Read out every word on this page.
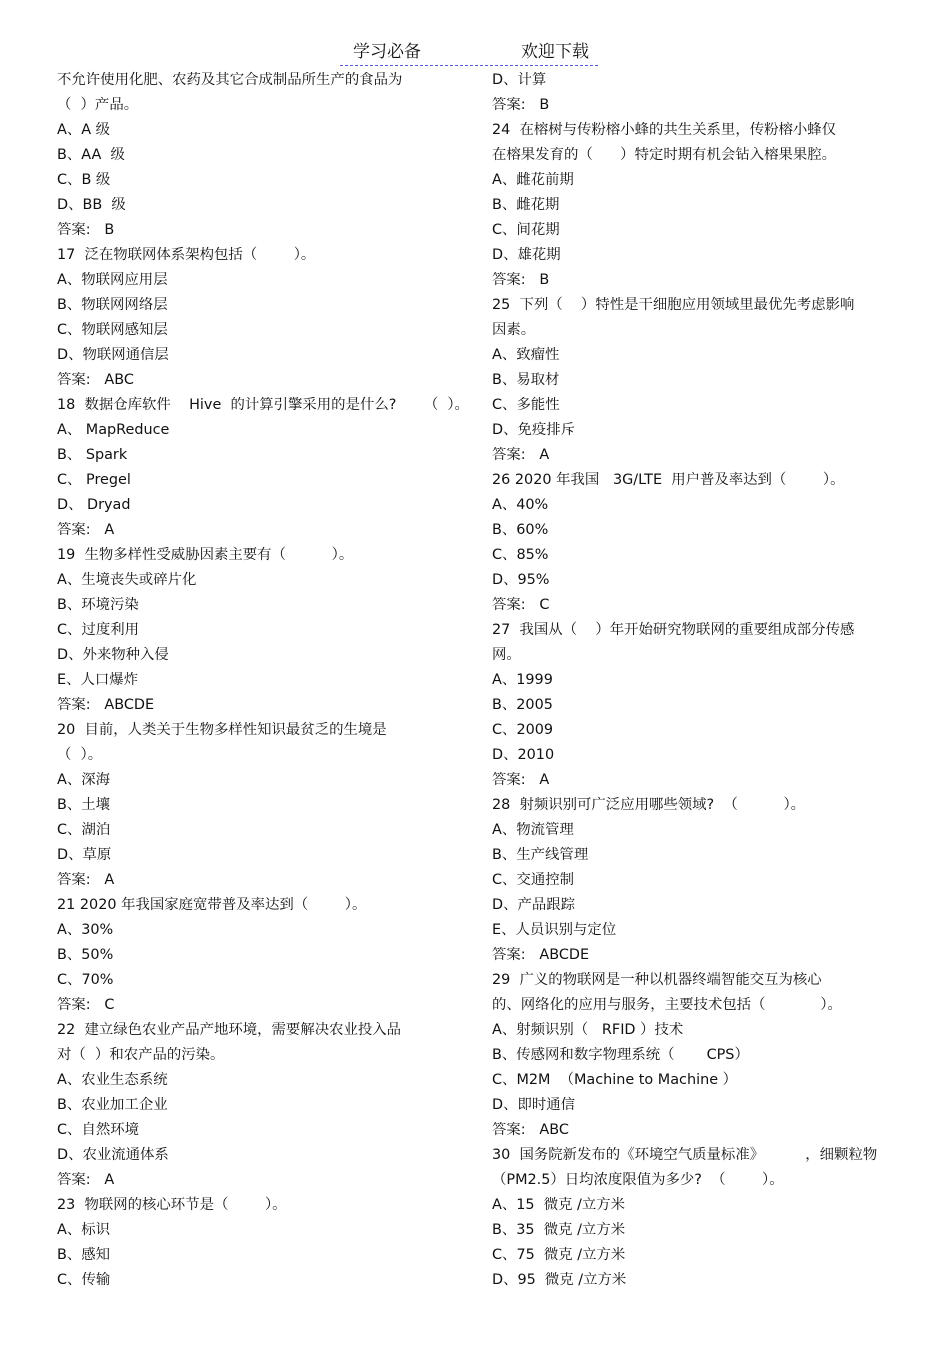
学习必备	欢迎下载
不允许使用化肥、农药及其它合成制品所生产的食品为
（  ）产品。
A、A 级
B、AA  级
C、B 级
D、BB  级
答案:   B
17  泛在物联网体系架构包括（        ）。
A、物联网应用层
B、物联网网络层
C、物联网感知层
D、物联网通信层
答案:   ABC
18  数据仓库软件    Hive  的计算引擎采用的是什么?      （  ）。
A、 MapReduce
B、 Spark
C、 Pregel
D、 Dryad
答案:   A
19  生物多样性受威胁因素主要有（          ）。
A、生境丧失或碎片化
B、环境污染
C、过度利用
D、外来物种入侵
E、人口爆炸
答案:   ABCDE
20  目前，人类关于生物多样性知识最贫乏的生境是
（  ）。
A、深海
B、土壤
C、湖泊
D、草原
答案:   A
21 2020 年我国家庭宽带普及率达到（        ）。
A、30%
B、50%
C、70%
答案:   C
22  建立绿色农业产品产地环境，需要解决农业投入品
对（  ）和农产品的污染。
A、农业生态系统
B、农业加工企业
C、自然环境
D、农业流通体系
答案:   A
23  物联网的核心环节是（        ）。
A、标识
B、感知
C、传输
D、计算
答案:   B
24  在榕树与传粉榕小蜂的共生关系里，传粉榕小蜂仅
在榕果发育的（      ）特定时期有机会钻入榕果果腔。
A、雌花前期
B、雌花期
C、间花期
D、雄花期
答案:   B
25  下列（    ）特性是干细胞应用领域里最优先考虑影响
因素。
A、致瘤性
B、易取材
C、多能性
D、免疫排斥
答案:   A
26 2020 年我国   3G/LTE  用户普及率达到（        ）。
A、40%
B、60%
C、85%
D、95%
答案:   C
27  我国从（    ）年开始研究物联网的重要组成部分传感
网。
A、1999
B、2005
C、2009
D、2010
答案:   A
28  射频识别可广泛应用哪些领域?  （          ）。
A、物流管理
B、生产线管理
C、交通控制
D、产品跟踪
E、人员识别与定位
答案:   ABCDE
29  广义的物联网是一种以机器终端智能交互为核心
的、网络化的应用与服务，主要技术包括（            ）。
A、射频识别（   RFID ）技术
B、传感网和数字物理系统（       CPS）
C、M2M  （Machine to Machine ）
D、即时通信
答案:   ABC
30  国务院新发布的《环境空气质量标准》         ，细颗粒物
（PM2.5）日均浓度限值为多少?  （        ）。
A、15  微克 /立方米
B、35  微克 /立方米
C、75  微克 /立方米
D、95  微克 /立方米
